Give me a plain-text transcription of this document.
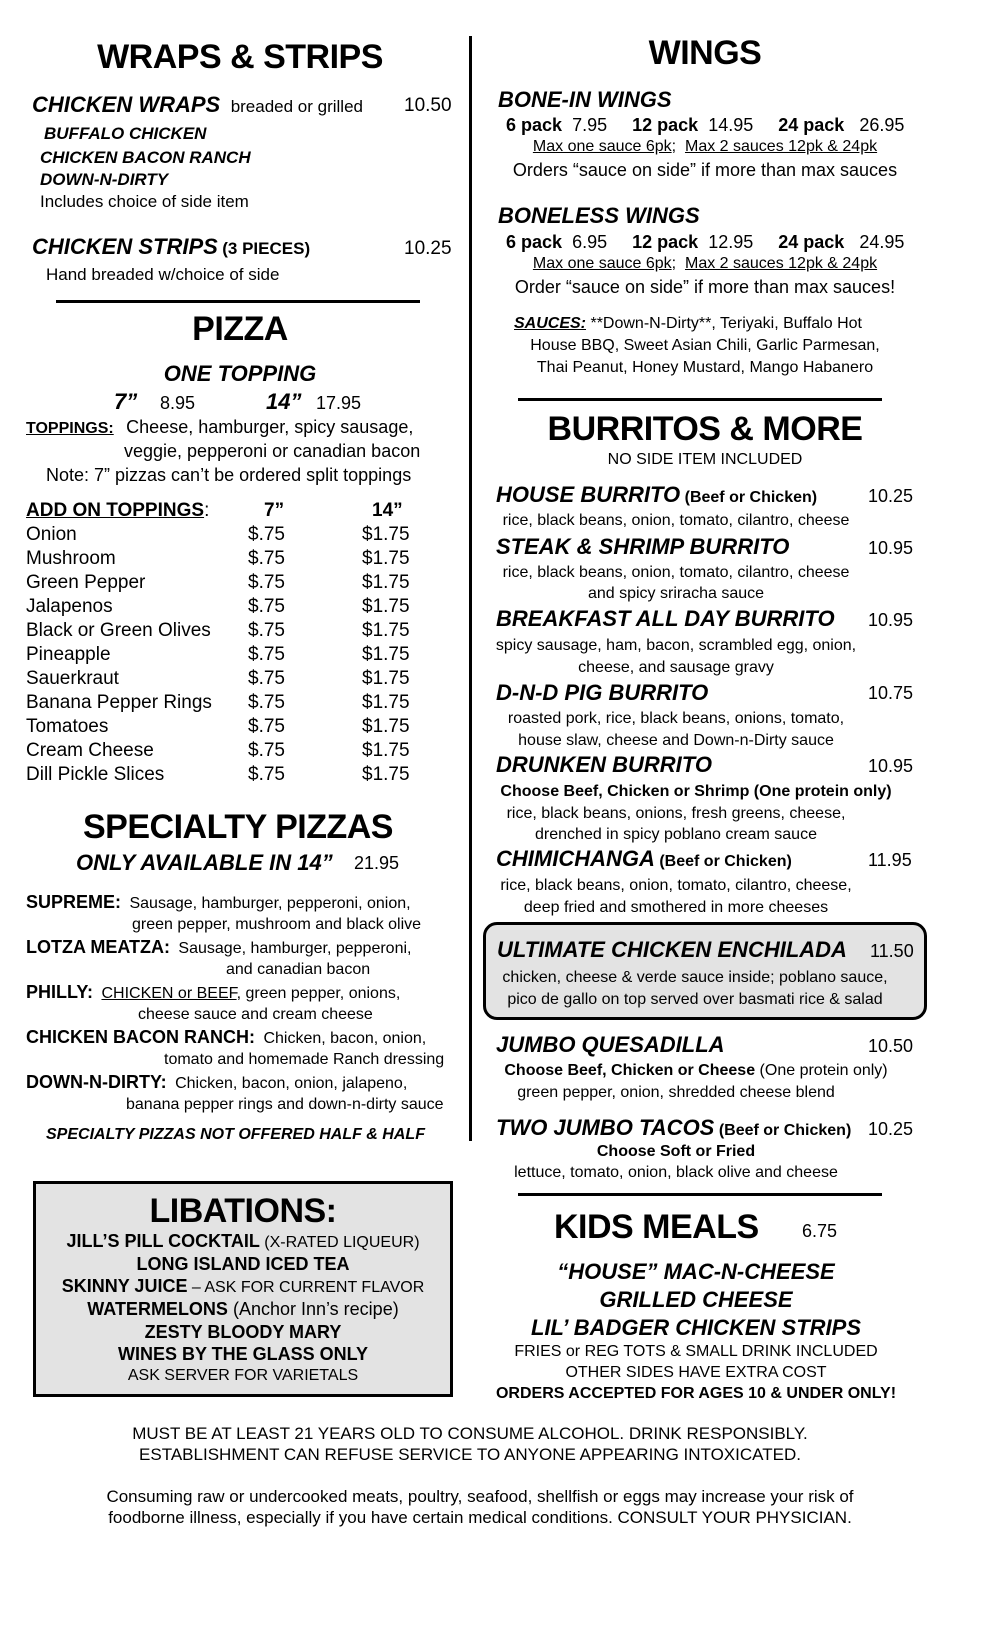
WRAPS & STRIPS
CHICKEN WRAPS breaded or grilled 10.50
BUFFALO CHICKEN
CHICKEN BACON RANCH
DOWN-N-DIRTY
Includes choice of side item
CHICKEN STRIPS (3 PIECES)	10.25
Hand breaded w/choice of side
PIZZA
ONE TOPPING
7” 8.95	14” 17.95
TOPPINGS: Cheese, hamburger, spicy sausage,
veggie, pepperoni or canadian bacon
Note: 7” pizzas can’t be ordered split toppings
ADD ON TOPPINGS:	7”	14”
Onion	$.75	$1.75
Mushroom	$.75	$1.75
Green Pepper	$.75	$1.75
Jalapenos	$.75	$1.75
Black or Green Olives $.75	$1.75
Pineapple	$.75	$1.75
Sauerkraut	$.75	$1.75
Banana Pepper Rings $.75	$1.75
Tomatoes	$.75	$1.75
Cream Cheese	$.75	$1.75
Dill Pickle Slices	$.75	$1.75
SPECIALTY PIZZAS
ONLY AVAILABLE IN 14” 21.95
SUPREME: Sausage, hamburger, pepperoni, onion,
green pepper, mushroom and black olive
LOTZA MEATZA: Sausage, hamburger, pepperoni,
and canadian bacon
PHILLY: CHICKEN or BEEF, green pepper, onions,
cheese sauce and cream cheese
CHICKEN BACON RANCH: Chicken, bacon, onion,
tomato and homemade Ranch dressing
DOWN-N-DIRTY: Chicken, bacon, onion, jalapeno,
banana pepper rings and down-n-dirty sauce
SPECIALTY PIZZAS NOT OFFERED HALF & HALF
LIBATIONS:
JILL’S PILL COCKTAIL (X-RATED LIQUEUR)
LONG ISLAND ICED TEA
SKINNY JUICE – ASK FOR CURRENT FLAVOR
WATERMELONS (Anchor Inn’s recipe)
ZESTY BLOODY MARY
WINES BY THE GLASS ONLY
ASK SERVER FOR VARIETALS
WINGS
BONE-IN WINGS
6 pack 7.95 12 pack 14.95 24 pack 26.95
Max one sauce 6pk; Max 2 sauces 12pk & 24pk
Orders “sauce on side” if more than max sauces
BONELESS WINGS
6 pack 6.95 12 pack 12.95 24 pack 24.95
Max one sauce 6pk; Max 2 sauces 12pk & 24pk
Order “sauce on side” if more than max sauces!
SAUCES: **Down-N-Dirty**, Teriyaki, Buffalo Hot
House BBQ, Sweet Asian Chili, Garlic Parmesan,
Thai Peanut, Honey Mustard, Mango Habanero
BURRITOS & MORE
NO SIDE ITEM INCLUDED
HOUSE BURRITO (Beef or Chicken)	10.25
rice, black beans, onion, tomato, cilantro, cheese
STEAK & SHRIMP BURRITO	10.95
rice, black beans, onion, tomato, cilantro, cheese
and spicy sriracha sauce
BREAKFAST ALL DAY BURRITO 10.95
spicy sausage, ham, bacon, scrambled egg, onion,
cheese, and sausage gravy
D-N-D PIG BURRITO	10.75
roasted pork, rice, black beans, onions, tomato,
house slaw, cheese and Down-n-Dirty sauce
DRUNKEN BURRITO	10.95
Choose Beef, Chicken or Shrimp (One protein only)
rice, black beans, onions, fresh greens, cheese,
drenched in spicy poblano cream sauce
CHIMICHANGA (Beef or Chicken)	11.95
rice, black beans, onion, tomato, cilantro, cheese,
deep fried and smothered in more cheeses
ULTIMATE CHICKEN ENCHILADA 11.50
chicken, cheese & verde sauce inside; poblano sauce,
pico de gallo on top served over basmati rice & salad
JUMBO QUESADILLA	10.50
Choose Beef, Chicken or Cheese (One protein only)
green pepper, onion, shredded cheese blend
TWO JUMBO TACOS (Beef or Chicken) 10.25
Choose Soft or Fried
lettuce, tomato, onion, black olive and cheese
KIDS MEALS 6.75
“HOUSE” MAC-N-CHEESE
GRILLED CHEESE
LIL’ BADGER CHICKEN STRIPS
FRIES or REG TOTS & SMALL DRINK INCLUDED
OTHER SIDES HAVE EXTRA COST
ORDERS ACCEPTED FOR AGES 10 & UNDER ONLY!
MUST BE AT LEAST 21 YEARS OLD TO CONSUME ALCOHOL. DRINK RESPONSIBLY.
ESTABLISHMENT CAN REFUSE SERVICE TO ANYONE APPEARING INTOXICATED.
Consuming raw or undercooked meats, poultry, seafood, shellfish or eggs may increase your risk of
foodborne illness, especially if you have certain medical conditions. CONSULT YOUR PHYSICIAN.
